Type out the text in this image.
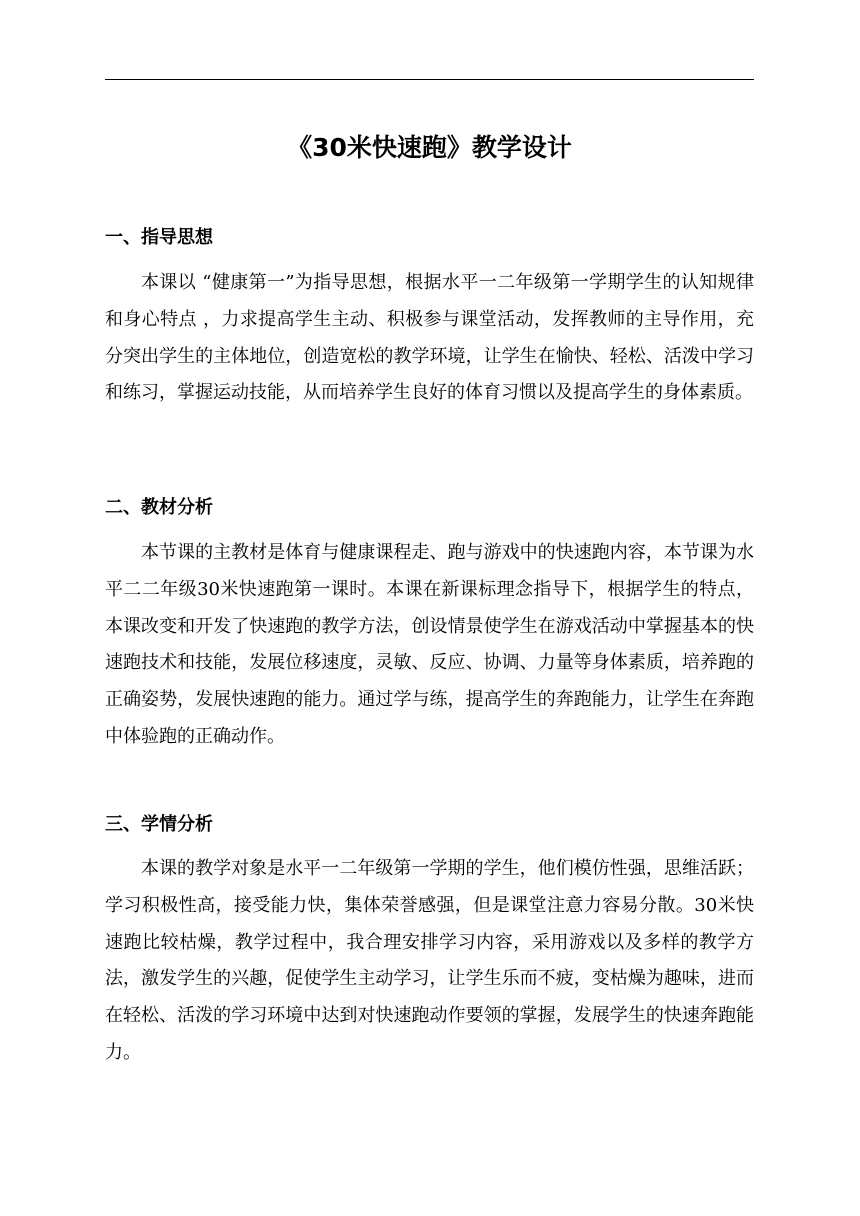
《30米快速跑》教学设计
一、指导思想

本课以 “健康第一”为指导思想，根据水平一二年级第一学期学生的认知规律和身心特点 ，力求提高学生主动、积极参与课堂活动，发挥教师的主导作用，充分突出学生的主体地位，创造宽松的教学环境，让学生在愉快、轻松、活泼中学习和练习，掌握运动技能，从而培养学生良好的体育习惯以及提高学生的身体素质。

二、教材分析

本节课的主教材是体育与健康课程走、跑与游戏中的快速跑内容，本节课为水平二二年级30米快速跑第一课时。本课在新课标理念指导下，根据学生的特点，本课改变和开发了快速跑的教学方法，创设情景使学生在游戏活动中掌握基本的快速跑技术和技能，发展位移速度，灵敏、反应、协调、力量等身体素质，培养跑的正确姿势，发展快速跑的能力。通过学与练，提高学生的奔跑能力，让学生在奔跑中体验跑的正确动作。

三、学情分析

本课的教学对象是水平一二年级第一学期的学生，他们模仿性强，思维活跃；学习积极性高，接受能力快，集体荣誉感强，但是课堂注意力容易分散。30米快速跑比较枯燥，教学过程中，我合理安排学习内容，采用游戏以及多样的教学方法，激发学生的兴趣，促使学生主动学习，让学生乐而不疲，变枯燥为趣味，进而在轻松、活泼的学习环境中达到对快速跑动作要领的掌握，发展学生的快速奔跑能力。
